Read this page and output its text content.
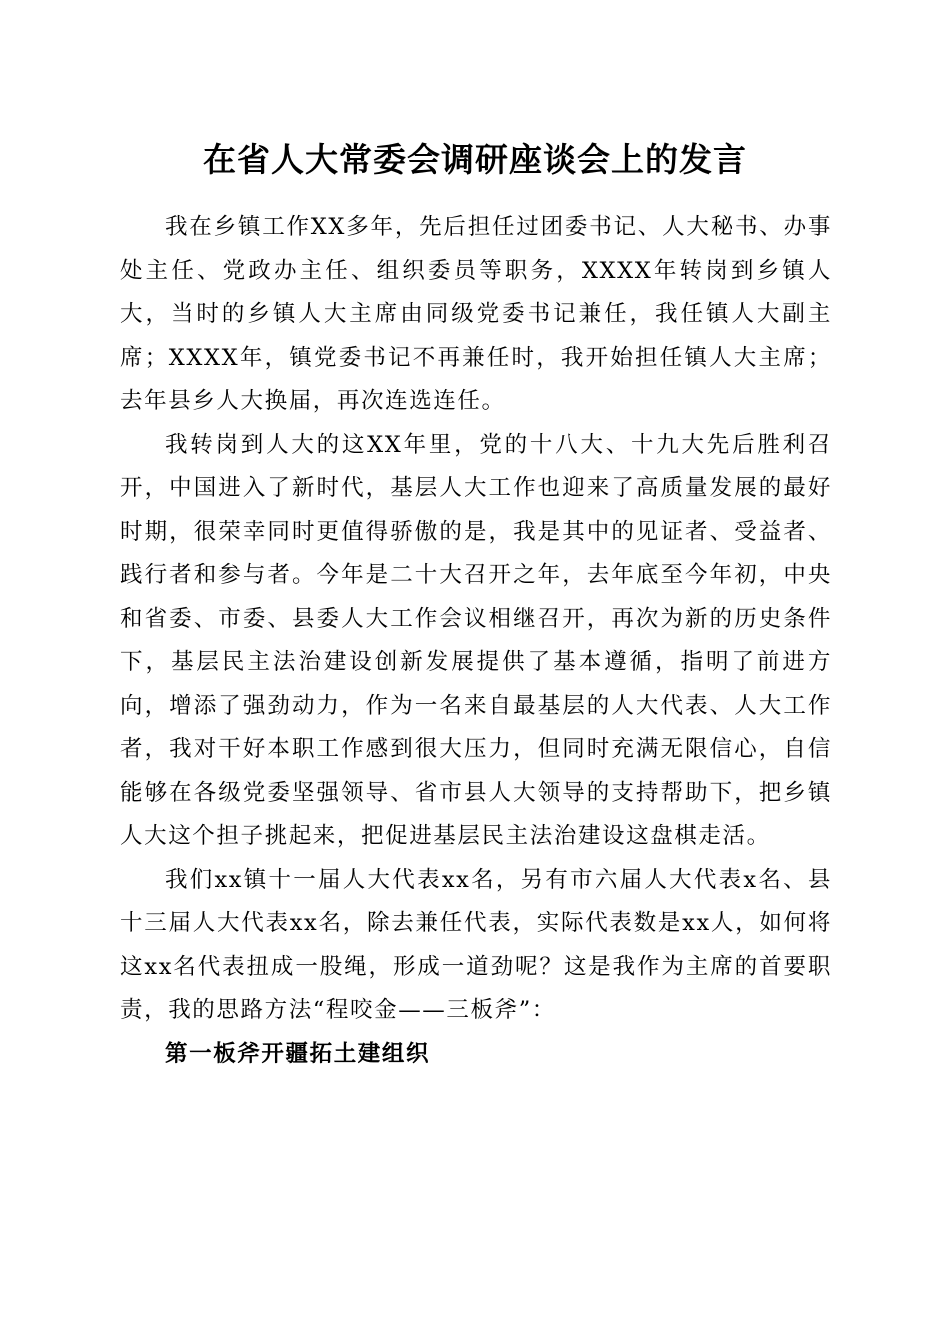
在省人大常委会调研座谈会上的发言

我在乡镇工作XX多年，先后担任过团委书记、人大秘书、办事处主任、党政办主任、组织委员等职务，XXXX年转岗到乡镇人大，当时的乡镇人大主席由同级党委书记兼任，我任镇人大副主席；XXXX年，镇党委书记不再兼任时，我开始担任镇人大主席；去年县乡人大换届，再次连选连任。

我转岗到人大的这XX年里，党的十八大、十九大先后胜利召开，中国进入了新时代，基层人大工作也迎来了高质量发展的最好时期，很荣幸同时更值得骄傲的是，我是其中的见证者、受益者、践行者和参与者。今年是二十大召开之年，去年底至今年初，中央和省委、市委、县委人大工作会议相继召开，再次为新的历史条件下，基层民主法治建设创新发展提供了基本遵循，指明了前进方向，增添了强劲动力，作为一名来自最基层的人大代表、人大工作者，我对干好本职工作感到很大压力，但同时充满无限信心，自信能够在各级党委坚强领导、省市县人大领导的支持帮助下，把乡镇人大这个担子挑起来，把促进基层民主法治建设这盘棋走活。

我们xx镇十一届人大代表xx名，另有市六届人大代表x名、县十三届人大代表xx名，除去兼任代表，实际代表数是xx人，如何将这xx名代表扭成一股绳，形成一道劲呢？这是我作为主席的首要职责，我的思路方法“程咬金——三板斧”：

第一板斧开疆拓土建组织
